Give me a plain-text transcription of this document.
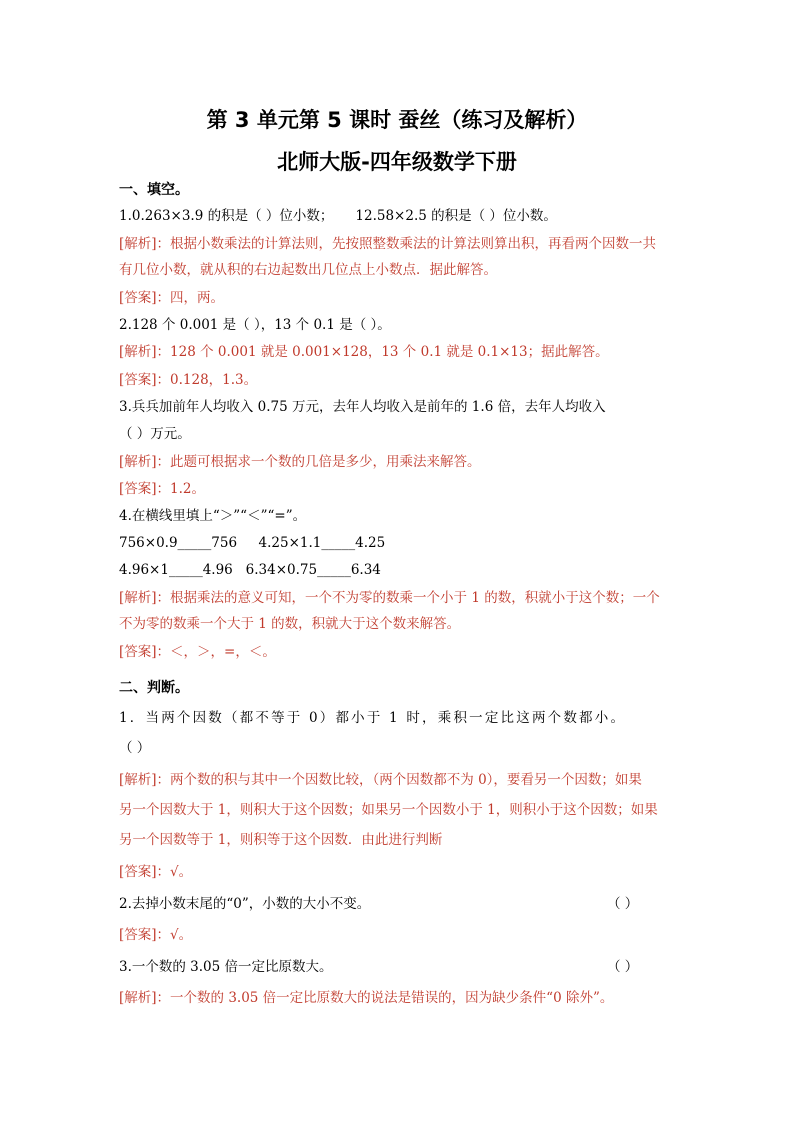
第 3 单元第 5 课时 蚕丝（练习及解析）
北师大版-四年级数学下册
一、填空。
1.0.263×3.9 的积是（ ）位小数； 12.58×2.5 的积是（ ）位小数。
[解析]：根据小数乘法的计算法则，先按照整数乘法的计算法则算出积，再看两个因数一共
有几位小数，就从积的右边起数出几位点上小数点．据此解答。
[答案]：四，两。
2.128 个 0.001 是（ ），13 个 0.1 是（ ）。
[解析]：128 个 0.001 就是 0.001×128，13 个 0.1 就是 0.1×13；据此解答。
[答案]：0.128，1.3。
3.兵兵加前年人均收入 0.75 万元，去年人均收入是前年的 1.6 倍，去年人均收入
（ ）万元。
[解析]：此题可根据求一个数的几倍是多少，用乘法来解答。
[答案]：1.2。
4.在横线里填上“＞”“＜”“=”。
756×0.9_____756     4.25×1.1_____4.25
4.96×1_____4.96   6.34×0.75_____6.34
[解析]：根据乘法的意义可知，一个不为零的数乘一个小于 1 的数，积就小于这个数；一个
不为零的数乘一个大于 1 的数，积就大于这个数来解答。
[答案]：＜，＞，=，＜。
二、判断。
1．当两个因数（都不等于 0）都小于 1 时，乘积一定比这两个数都小。
（ ）
[解析]：两个数的积与其中一个因数比较，（两个因数都不为 0），要看另一个因数；如果
另一个因数大于 1，则积大于这个因数；如果另一个因数小于 1，则积小于这个因数；如果
另一个因数等于 1，则积等于这个因数．由此进行判断
[答案]：√。
2.去掉小数末尾的“0”，小数的大小不变。	（ ）
[答案]：√。
3.一个数的 3.05 倍一定比原数大。	（ ）
[解析]：一个数的 3.05 倍一定比原数大的说法是错误的，因为缺少条件“0 除外”。
